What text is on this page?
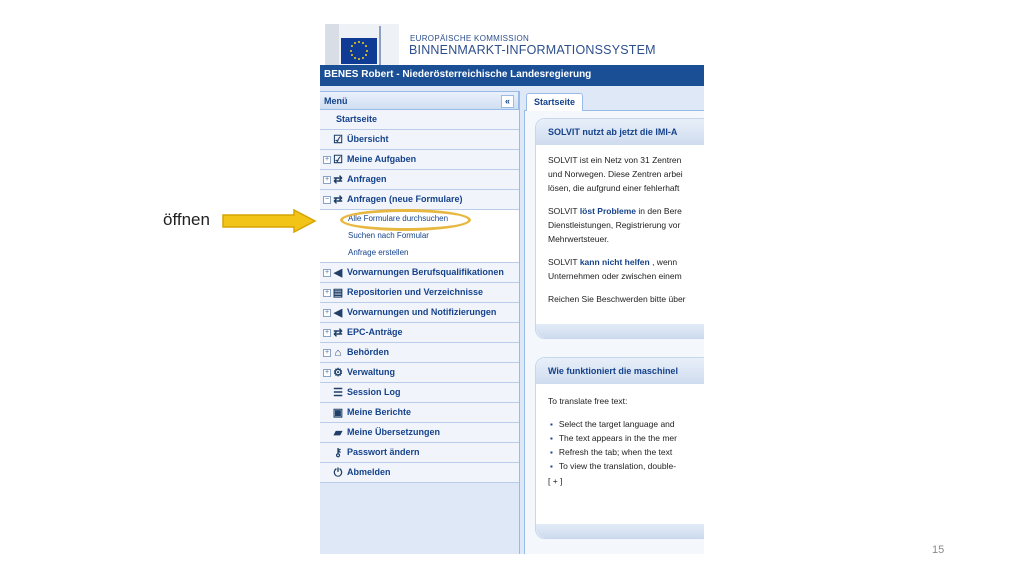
öffnen
EUROPÄISCHE KOMMISSION
BINNENMARKT-INFORMATIONSSYSTEM
BENES Robert - Niederösterreichische Landesregierung
Menü	«
Startseite
☑ Übersicht
+ ☑ Meine Aufgaben
+ ⇄ Anfragen
− ⇄ Anfragen (neue Formulare)
Alle Formulare durchsuchen
Suchen nach Formular
Anfrage erstellen
+ ◀ Vorwarnungen Berufsqualifikationen
+ ▤ Repositorien und Verzeichnisse
+ ◀ Vorwarnungen und Notifizierungen
+ ⇄ EPC-Anträge
+ ⌂ Behörden
+ ⚙ Verwaltung
☰ Session Log
▣ Meine Berichte
▰ Meine Übersetzungen
⚷ Passwort ändern
⏻ Abmelden
Startseite
SOLVIT nutzt ab jetzt die IMI-A
SOLVIT ist ein Netz von 31 Zentren
und Norwegen. Diese Zentren arbei
lösen, die aufgrund einer fehlerhaft
SOLVIT löst Probleme in den Bere
Dienstleistungen, Registrierung vor
Mehrwertsteuer.
SOLVIT kann nicht helfen , wenn
Unternehmen oder zwischen einem
Reichen Sie Beschwerden bitte über
Wie funktioniert die maschinel
To translate free text:
▪ Select the target language and
▪ The text appears in the the mer
▪ Refresh the tab; when the text
▪ To view the translation, double-
[ + ]
15
